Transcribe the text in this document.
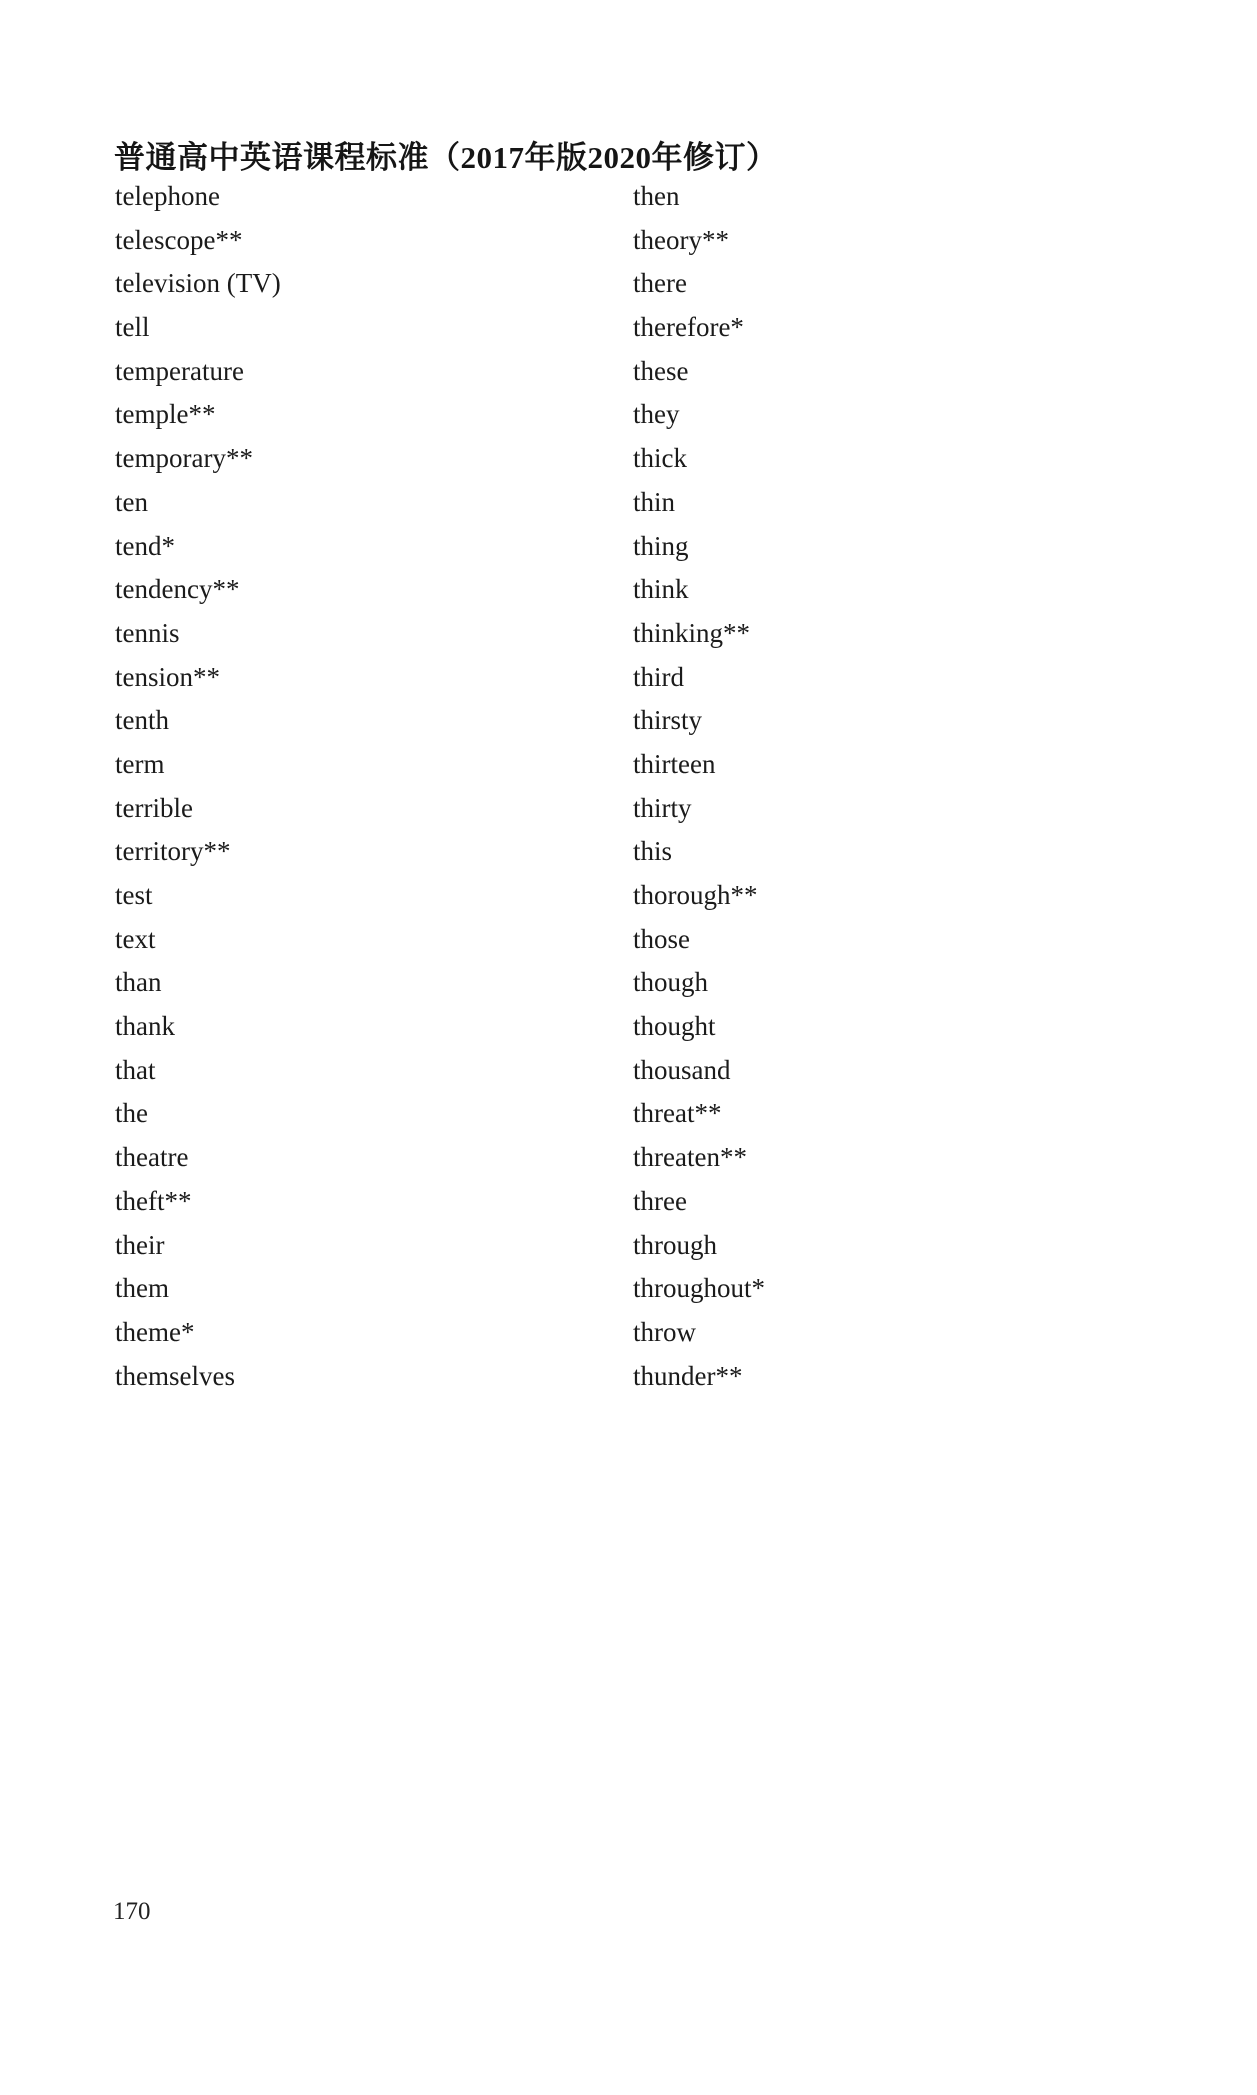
普通高中英语课程标准（2017年版2020年修订）
telephone
telescope**
television (TV)
tell
temperature
temple**
temporary**
ten
tend*
tendency**
tennis
tension**
tenth
term
terrible
territory**
test
text
than
thank
that
the
theatre
theft**
their
them
theme*
themselves
then
theory**
there
therefore*
these
they
thick
thin
thing
think
thinking**
third
thirsty
thirteen
thirty
this
thorough**
those
though
thought
thousand
threat**
threaten**
three
through
throughout*
throw
thunder**
170
